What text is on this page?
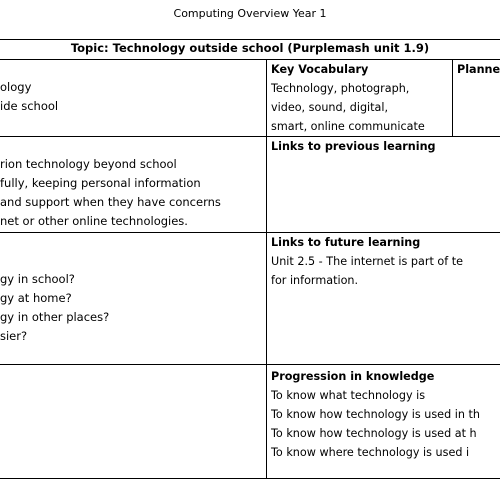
Computing Overview Year 1
Topic: Technology outside school (Purplemash unit 1.9)
ology
ide school
rion technology beyond school
fully, keeping personal information
and support when they have concerns
net or other online technologies.
gy in school?
gy at home?
gy in other places?
sier?
Key Vocabulary
Technology, photograph,
video, sound, digital,
smart, online communicate
Planne
Links to previous learning
Links to future learning
Unit 2.5 - The internet is part of te
for information.
Progression in knowledge
To know what technology is
To know how technology is used in th
To know how technology is used at h
To know where technology is used i
